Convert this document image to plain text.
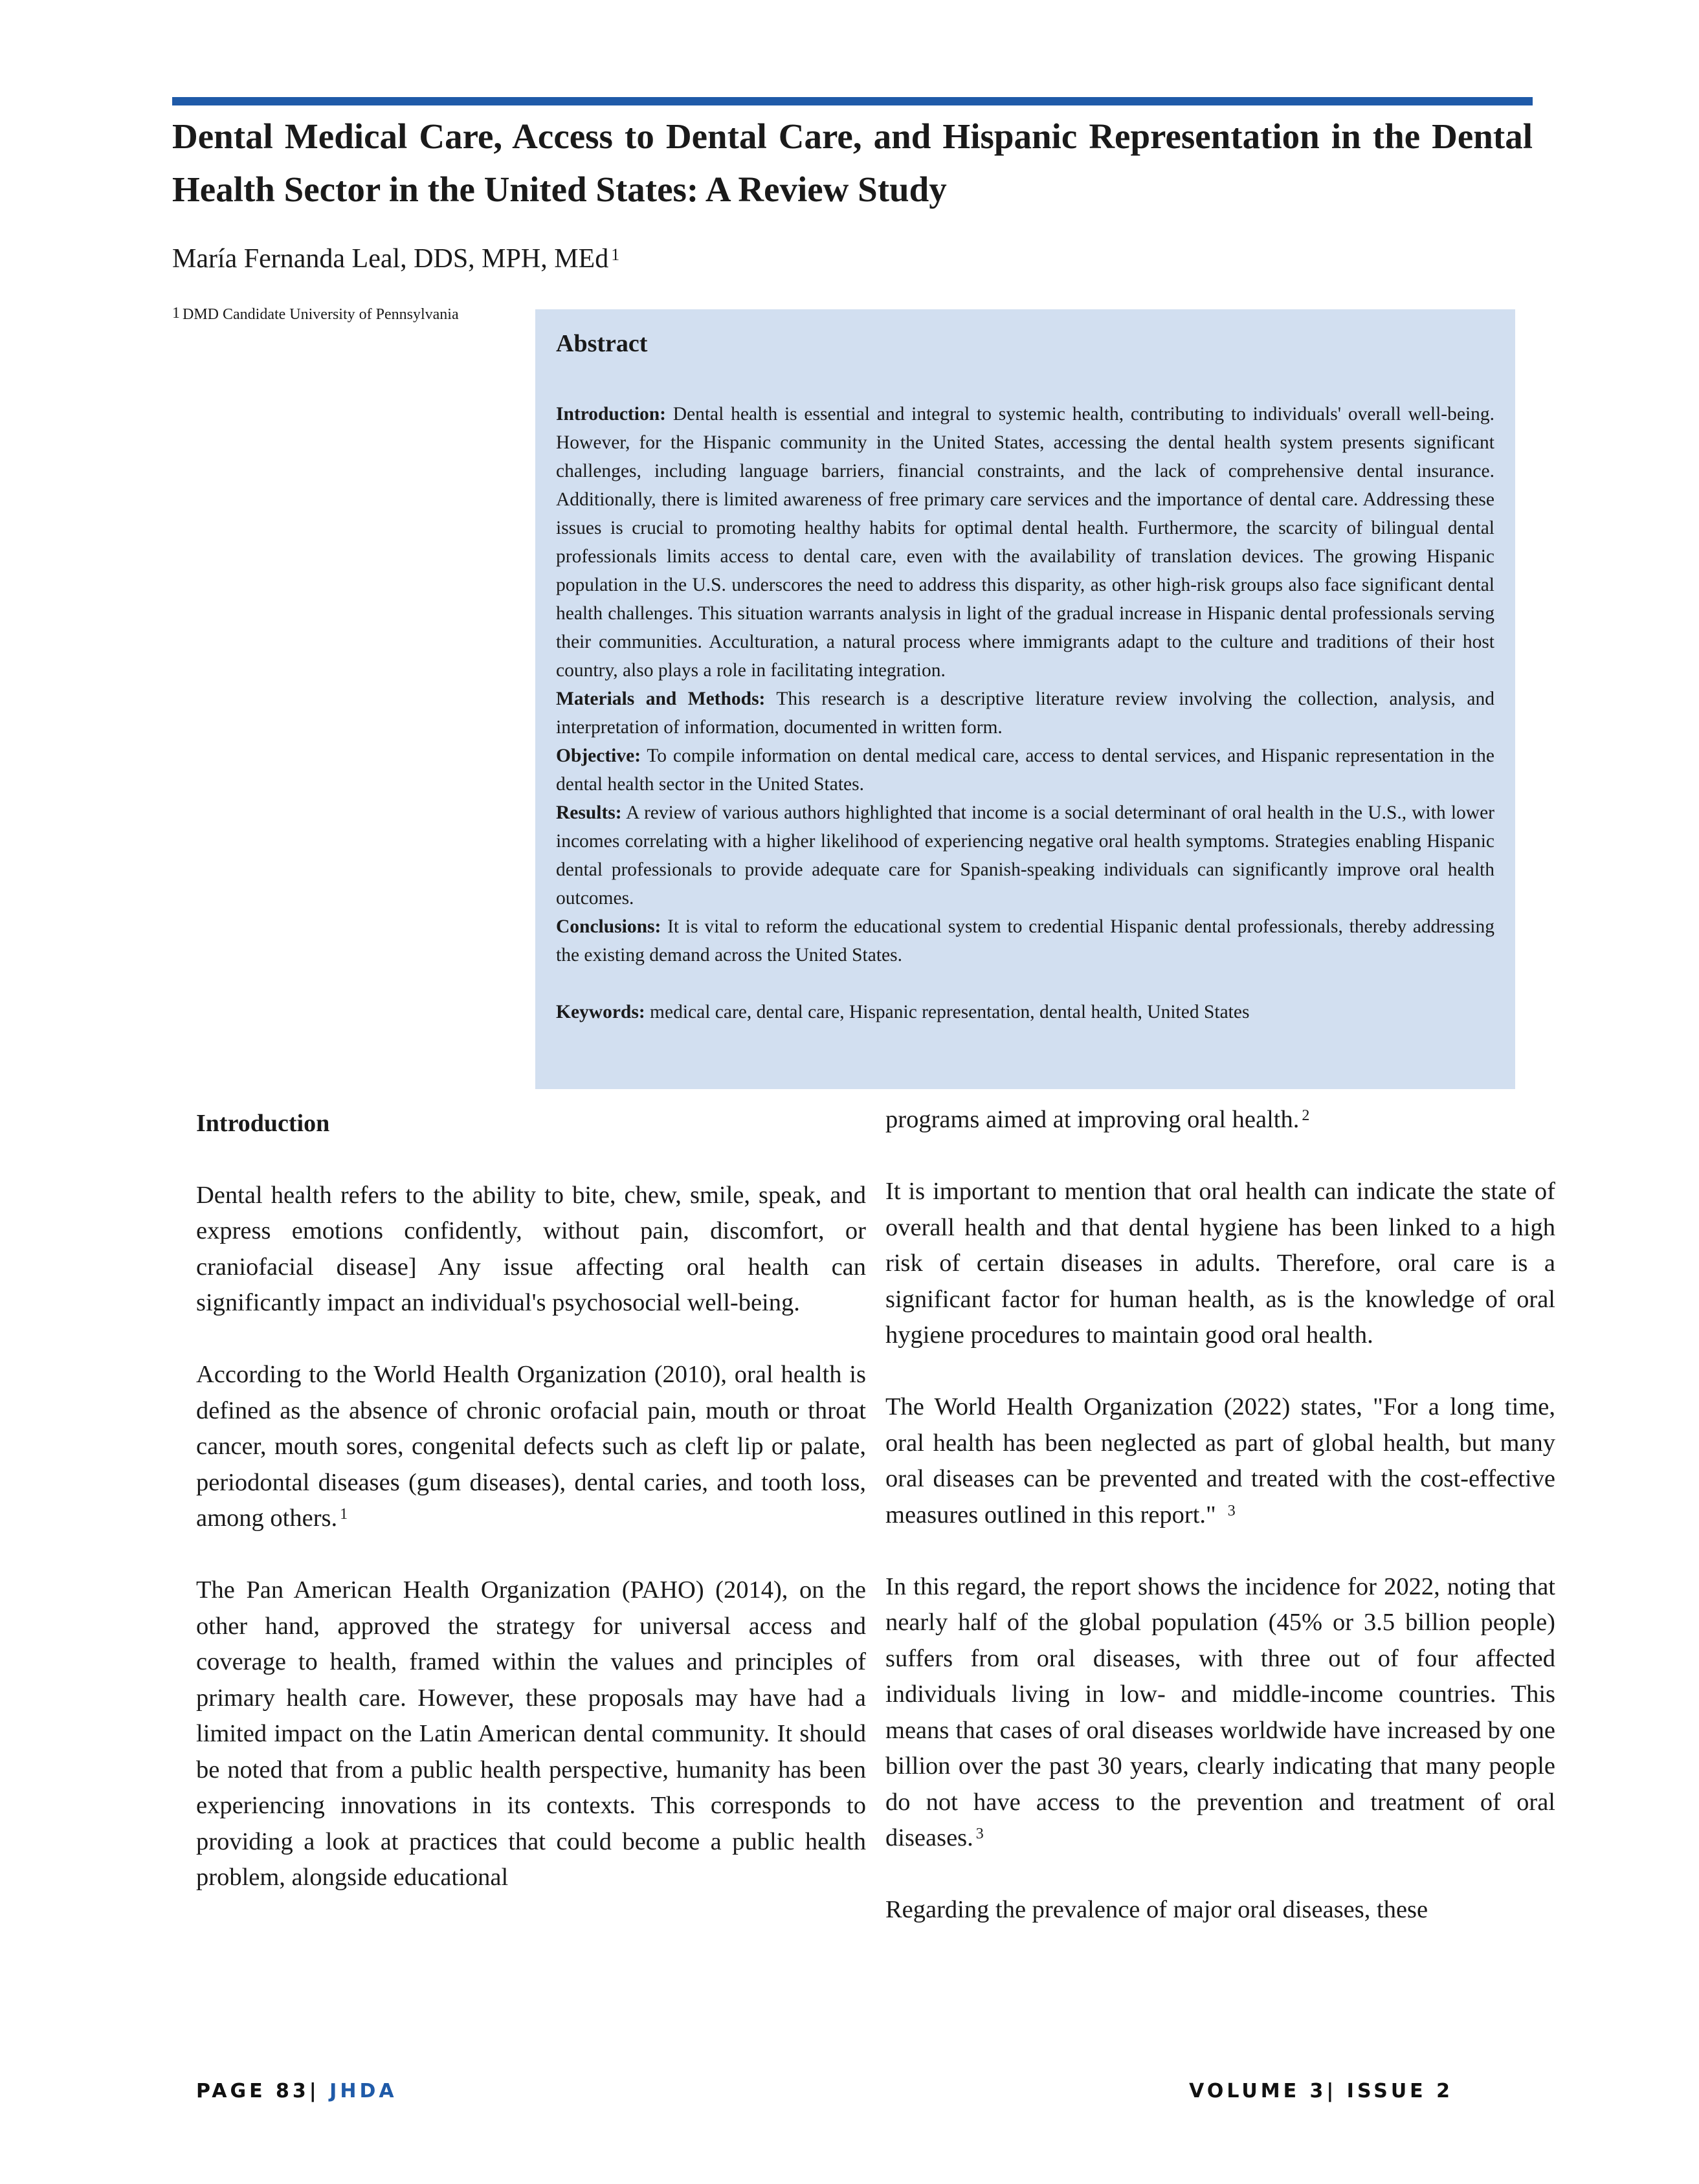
Dental Medical Care, Access to Dental Care, and Hispanic Representation in the Dental Health Sector in the United States: A Review Study
María Fernanda Leal, DDS, MPH, MEd $^1$
1 DMD Candidate University of Pennsylvania
Abstract

Introduction: Dental health is essential and integral to systemic health, contributing to individuals' overall well-being. However, for the Hispanic community in the United States, accessing the dental health system presents significant challenges, including language barriers, financial constraints, and the lack of comprehensive dental insurance. Additionally, there is limited awareness of free primary care services and the importance of dental care. Addressing these issues is crucial to promoting healthy habits for optimal dental health. Furthermore, the scarcity of bilingual dental professionals limits access to dental care, even with the availability of translation devices. The growing Hispanic population in the U.S. underscores the need to address this disparity, as other high-risk groups also face significant dental health challenges. This situation warrants analysis in light of the gradual increase in Hispanic dental professionals serving their communities. Acculturation, a natural process where immigrants adapt to the culture and traditions of their host country, also plays a role in facilitating integration.

Materials and Methods: This research is a descriptive literature review involving the collection, analysis, and interpretation of information, documented in written form.

Objective: To compile information on dental medical care, access to dental services, and Hispanic representation in the dental health sector in the United States.

Results: A review of various authors highlighted that income is a social determinant of oral health in the U.S., with lower incomes correlating with a higher likelihood of experiencing negative oral health symptoms. Strategies enabling Hispanic dental professionals to provide adequate care for Spanish-speaking individuals can significantly improve oral health outcomes.

Conclusions: It is vital to reform the educational system to credential Hispanic dental professionals, thereby addressing the existing demand across the United States.

Keywords: medical care, dental care, Hispanic representation, dental health, United States

Introduction

Dental health refers to the ability to bite, chew, smile, speak, and express emotions confidently, without pain, discomfort, or craniofacial disease] Any issue affecting oral health can significantly impact an individual's psychosocial well-being.

According to the World Health Organization (2010), oral health is defined as the absence of chronic orofacial pain, mouth or throat cancer, mouth sores, congenital defects such as cleft lip or palate, periodontal diseases (gum diseases), dental caries, and tooth loss, among others. $^1$

The Pan American Health Organization (PAHO) (2014), on the other hand, approved the strategy for universal access and coverage to health, framed within the values and principles of primary health care. However, these proposals may have had a limited impact on the Latin American dental community. It should be noted that from a public health perspective, humanity has been experiencing innovations in its contexts. This corresponds to providing a look at practices that could become a public health problem, alongside educational

programs aimed at improving oral health. $^2$

It is important to mention that oral health can indicate the state of overall health and that dental hygiene has been linked to a high risk of certain diseases in adults. Therefore, oral care is a significant factor for human health, as is the knowledge of oral hygiene procedures to maintain good oral health.

The World Health Organization (2022) states, "For a long time, oral health has been neglected as part of global health, but many oral diseases can be prevented and treated with the cost-effective measures outlined in this report." $^3$

In this regard, the report shows the incidence for 2022, noting that nearly half of the global population (45% or 3.5 billion people) suffers from oral diseases, with three out of four affected individuals living in low- and middle-income countries. This means that cases of oral diseases worldwide have increased by one billion over the past 30 years, clearly indicating that many people do not have access to the prevention and treatment of oral diseases. $^3$

Regarding the prevalence of major oral diseases, these

PAGE 83| JHDA	VOLUME 3| ISSUE 2
